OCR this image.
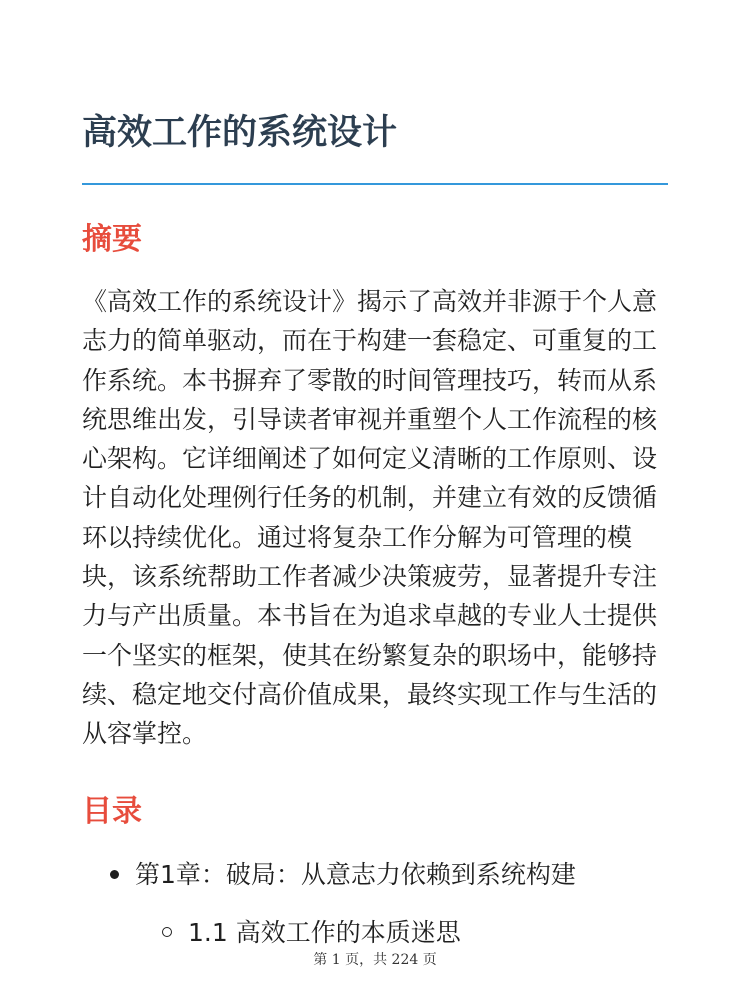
高效工作的系统设计
摘要

《高效工作的系统设计》揭示了高效并非源于个人意志力的简单驱动，而在于构建一套稳定、可重复的工作系统。本书摒弃了零散的时间管理技巧，转而从系统思维出发，引导读者审视并重塑个人工作流程的核心架构。它详细阐述了如何定义清晰的工作原则、设计自动化处理例行任务的机制，并建立有效的反馈循环以持续优化。通过将复杂工作分解为可管理的模块，该系统帮助工作者减少决策疲劳，显著提升专注力与产出质量。本书旨在为追求卓越的专业人士提供一个坚实的框架，使其在纷繁复杂的职场中，能够持续、稳定地交付高价值成果，最终实现工作与生活的从容掌控。

目录
第1章：破局：从意志力依赖到系统构建
1.1 高效工作的本质迷思
第 1 页，共 224 页
